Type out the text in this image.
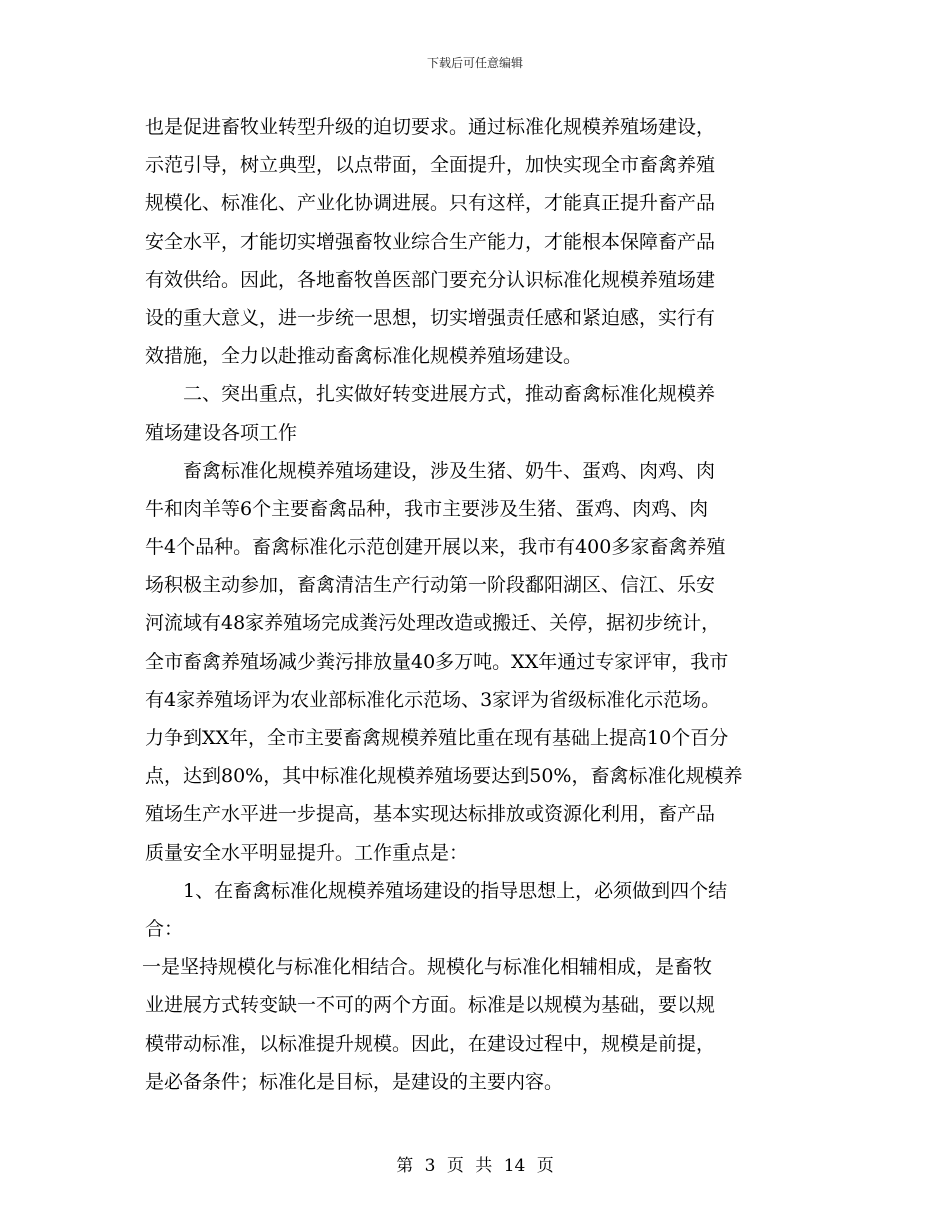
下载后可任意编辑
也是促进畜牧业转型升级的迫切要求。通过标准化规模养殖场建设，
示范引导，树立典型，以点带面，全面提升，加快实现全市畜禽养殖
规模化、标准化、产业化协调进展。只有这样，才能真正提升畜产品
安全水平，才能切实增强畜牧业综合生产能力，才能根本保障畜产品
有效供给。因此，各地畜牧兽医部门要充分认识标准化规模养殖场建
设的重大意义，进一步统一思想，切实增强责任感和紧迫感，实行有
效措施，全力以赴推动畜禽标准化规模养殖场建设。
二、突出重点，扎实做好转变进展方式，推动畜禽标准化规模养
殖场建设各项工作
畜禽标准化规模养殖场建设，涉及生猪、奶牛、蛋鸡、肉鸡、肉
牛和肉羊等6个主要畜禽品种，我市主要涉及生猪、蛋鸡、肉鸡、肉
牛4个品种。畜禽标准化示范创建开展以来，我市有400多家畜禽养殖
场积极主动参加，畜禽清洁生产行动第一阶段鄱阳湖区、信江、乐安
河流域有48家养殖场完成粪污处理改造或搬迁、关停，据初步统计，
全市畜禽养殖场减少粪污排放量40多万吨。XX年通过专家评审，我市
有4家养殖场评为农业部标准化示范场、3家评为省级标准化示范场。
力争到XX年，全市主要畜禽规模养殖比重在现有基础上提高10个百分
点，达到80%，其中标准化规模养殖场要达到50%，畜禽标准化规模养
殖场生产水平进一步提高，基本实现达标排放或资源化利用，畜产品
质量安全水平明显提升。工作重点是：
1、在畜禽标准化规模养殖场建设的指导思想上，必须做到四个结
合：
一是坚持规模化与标准化相结合。规模化与标准化相辅相成，是畜牧
业进展方式转变缺一不可的两个方面。标准是以规模为基础，要以规
模带动标准，以标准提升规模。因此，在建设过程中，规模是前提，
是必备条件；标准化是目标，是建设的主要内容。
第 3 页 共 14 页
